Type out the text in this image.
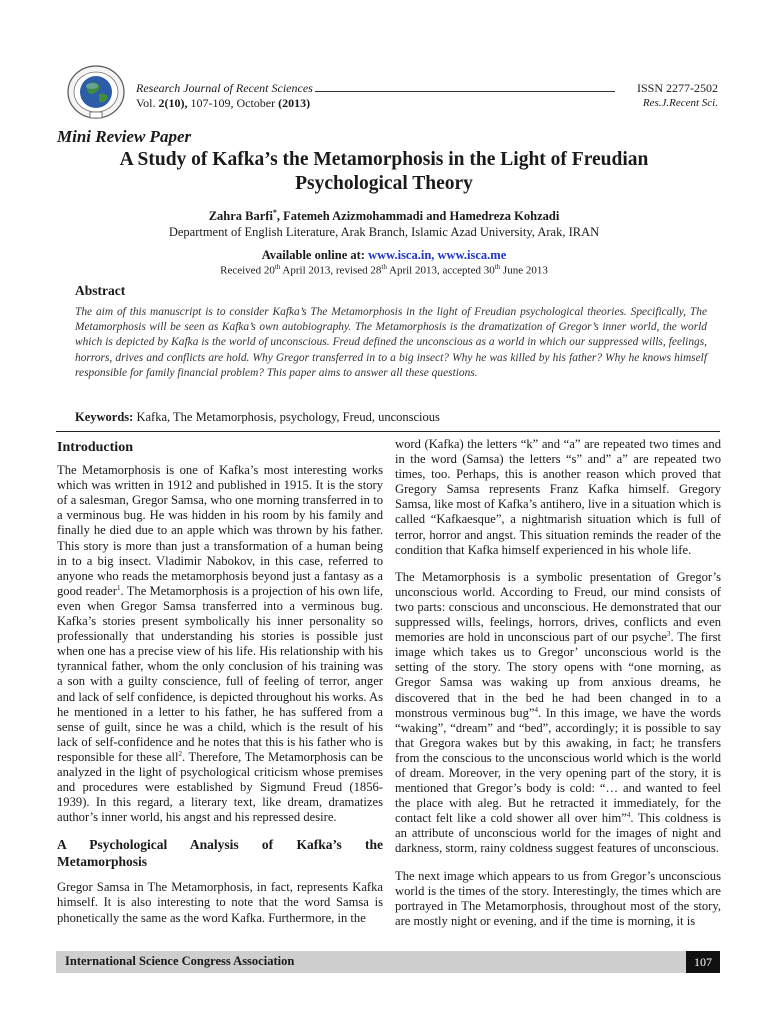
Research Journal of Recent Sciences
Vol. 2(10), 107-109, October (2013)
ISSN 2277-2502
Res.J.Recent Sci.
Mini Review Paper
A Study of Kafka’s the Metamorphosis in the Light of Freudian
Psychological Theory
Zahra Barfi*, Fatemeh Azizmohammadi and Hamedreza Kohzadi
Department of English Literature, Arak Branch, Islamic Azad University, Arak, IRAN
Available online at: www.isca.in, www.isca.me
Received 20th April 2013, revised 28th April 2013, accepted 30th June 2013
Abstract
The aim of this manuscript is to consider Kafka’s The Metamorphosis in the light of Freudian psychological theories. Specifically, The Metamorphosis will be seen as Kafka’s own autobiography. The Metamorphosis is the dramatization of Gregor’s inner world, the world which is depicted by Kafka is the world of unconscious. Freud defined the unconscious as a world in which our suppressed wills, feelings, horrors, drives and conflicts are hold. Why Gregor transferred in to a big insect? Why he was killed by his father? Why he knows himself responsible for family financial problem? This paper aims to answer all these questions.
Keywords: Kafka, The Metamorphosis, psychology, Freud, unconscious
Introduction

The Metamorphosis is one of Kafka’s most interesting works which was written in 1912 and published in 1915. It is the story of a salesman, Gregor Samsa, who one morning transferred in to a verminous bug. He was hidden in his room by his family and finally he died due to an apple which was thrown by his father. This story is more than just a transformation of a human being in to a big insect. Vladimir Nabokov, in this case, referred to anyone who reads the metamorphosis beyond just a fantasy as a good reader$^1$. The Metamorphosis is a projection of his own life, even when Gregor Samsa transferred into a verminous bug. Kafka’s stories present symbolically his inner personality so professionally that understanding his stories is possible just when one has a precise view of his life. His relationship with his tyrannical father, whom the only conclusion of his training was a son with a guilty conscience, full of feeling of terror, anger and lack of self confidence, is depicted throughout his works. As he mentioned in a letter to his father, he has suffered from a sense of guilt, since he was a child, which is the result of his lack of self-confidence and he notes that this is his father who is responsible for these all$^2$. Therefore, The Metamorphosis can be analyzed in the light of psychological criticism whose premises and procedures were established by Sigmund Freud (1856-1939). In this regard, a literary text, like dream, dramatizes author’s inner world, his angst and his repressed desire.

A Psychological Analysis of Kafka’s the
Metamorphosis

Gregor Samsa in The Metamorphosis, in fact, represents Kafka himself. It is also interesting to note that the word Samsa is phonetically the same as the word Kafka. Furthermore, in the

word (Kafka) the letters “k” and “a” are repeated two times and in the word (Samsa) the letters “s” and” a” are repeated two times, too. Perhaps, this is another reason which proved that Gregory Samsa represents Franz Kafka himself. Gregory Samsa, like most of Kafka’s antihero, live in a situation which is called “Kafkaesque”, a nightmarish situation which is full of terror, horror and angst. This situation reminds the reader of the condition that Kafka himself experienced in his whole life.

The Metamorphosis is a symbolic presentation of Gregor’s unconscious world. According to Freud, our mind consists of two parts: conscious and unconscious. He demonstrated that our suppressed wills, feelings, horrors, drives, conflicts and even memories are hold in unconscious part of our psyche$^3$. The first image which takes us to Gregor’ unconscious world is the setting of the story. The story opens with “one morning, as Gregor Samsa was waking up from anxious dreams, he discovered that in the bed he had been changed in to a monstrous verminous bug”$^4$. In this image, we have the words “waking”, “dream” and “bed”, accordingly; it is possible to say that Gregora wakes but by this awaking, in fact; he transfers from the conscious to the unconscious world which is the world of dream. Moreover, in the very opening part of the story, it is mentioned that Gregor’s body is cold: “… and wanted to feel the place with aleg. But he retracted it immediately, for the contact felt like a cold shower all over him”$^4$. This coldness is an attribute of unconscious world for the images of night and darkness, storm, rainy coldness suggest features of unconscious.

The next image which appears to us from Gregor’s unconscious world is the times of the story. Interestingly, the times which are portrayed in The Metamorphosis, throughout most of the story, are mostly night or evening, and if the time is morning, it is

International Science Congress Association	107
